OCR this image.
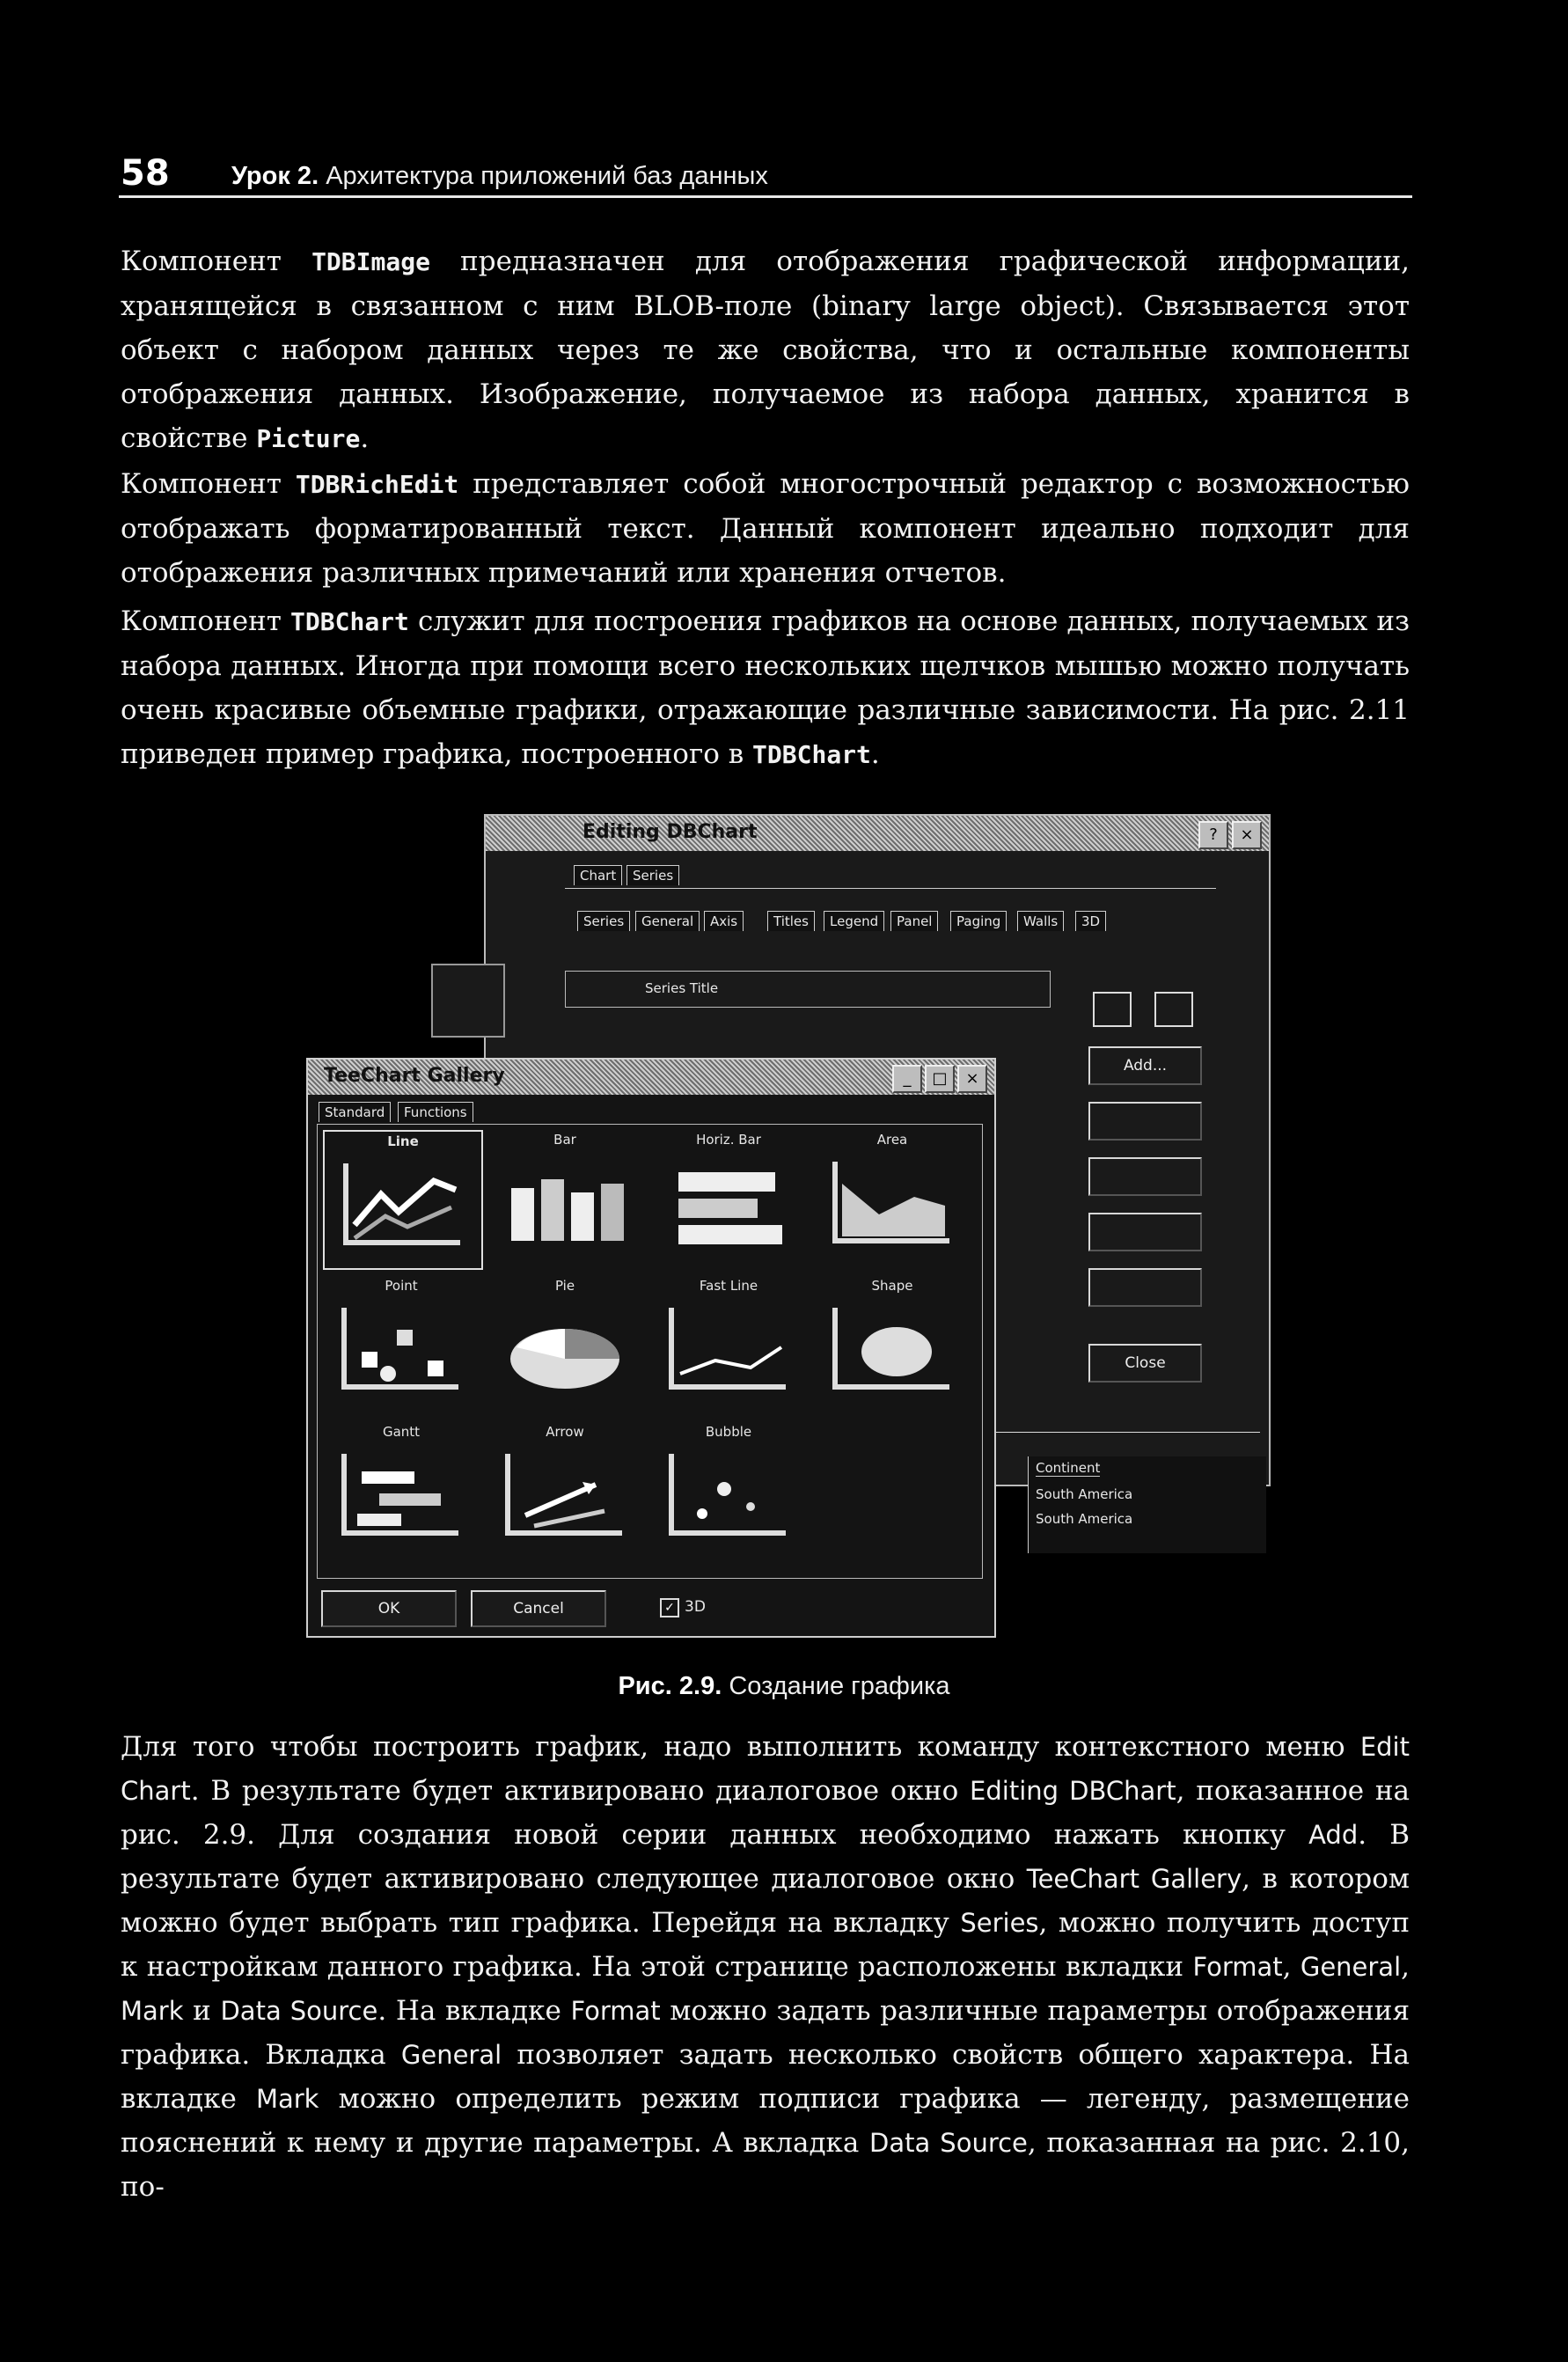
58 Урок 2. Архитектура приложений баз данных

Компонент TDBImage предназначен для отображения графической информации, хранящейся в связанном с ним BLOB-поле (binary large object). Связывается этот объект с набором данных через те же свойства, что и остальные компоненты отображения данных. Изображение, получаемое из набора данных, хранится в свойстве Picture.

Компонент TDBRichEdit представляет собой многострочный редактор с возможностью отображать форматированный текст. Данный компонент идеально подходит для отображения различных примечаний или хранения отчетов.

Компонент TDBChart служит для построения графиков на основе данных, получаемых из набора данных. Иногда при помощи всего нескольких щелчков мышью можно получать очень красивые объемные графики, отражающие различные зависимости. На рис. 2.11 приведен пример графика, построенного в TDBChart.

Editing DBChart	?	×
Chart	Series
Series	General	Axis	Titles	Legend	Panel	Paging	Walls	3D
Series Title
Add...
Close
Continent
South America
South America
TeeChart Gallery	_	□	×
Standard	Functions
Line	Bar	Horiz. Bar	Area
Point	Pie	Fast Line	Shape
Gantt	Arrow	Bubble
OK	Cancel	✓ 3D
Рис. 2.9. Создание графика

Для того чтобы построить график, надо выполнить команду контекстного меню Edit Chart. В результате будет активировано диалоговое окно Editing DBChart, показанное на рис. 2.9. Для создания новой серии данных необходимо нажать кнопку Add. В результате будет активировано следующее диалоговое окно TeeChart Gallery, в котором можно будет выбрать тип графика. Перейдя на вкладку Series, можно получить доступ к настройкам данного графика. На этой странице расположены вкладки Format, General, Mark и Data Source. На вкладке Format можно задать различные параметры отображения графика. Вкладка General позволяет задать несколько свойств общего характера. На вкладке Mark можно определить режим подписи графика — легенду, размещение пояснений к нему и другие параметры. А вкладка Data Source, показанная на рис. 2.10, по-
